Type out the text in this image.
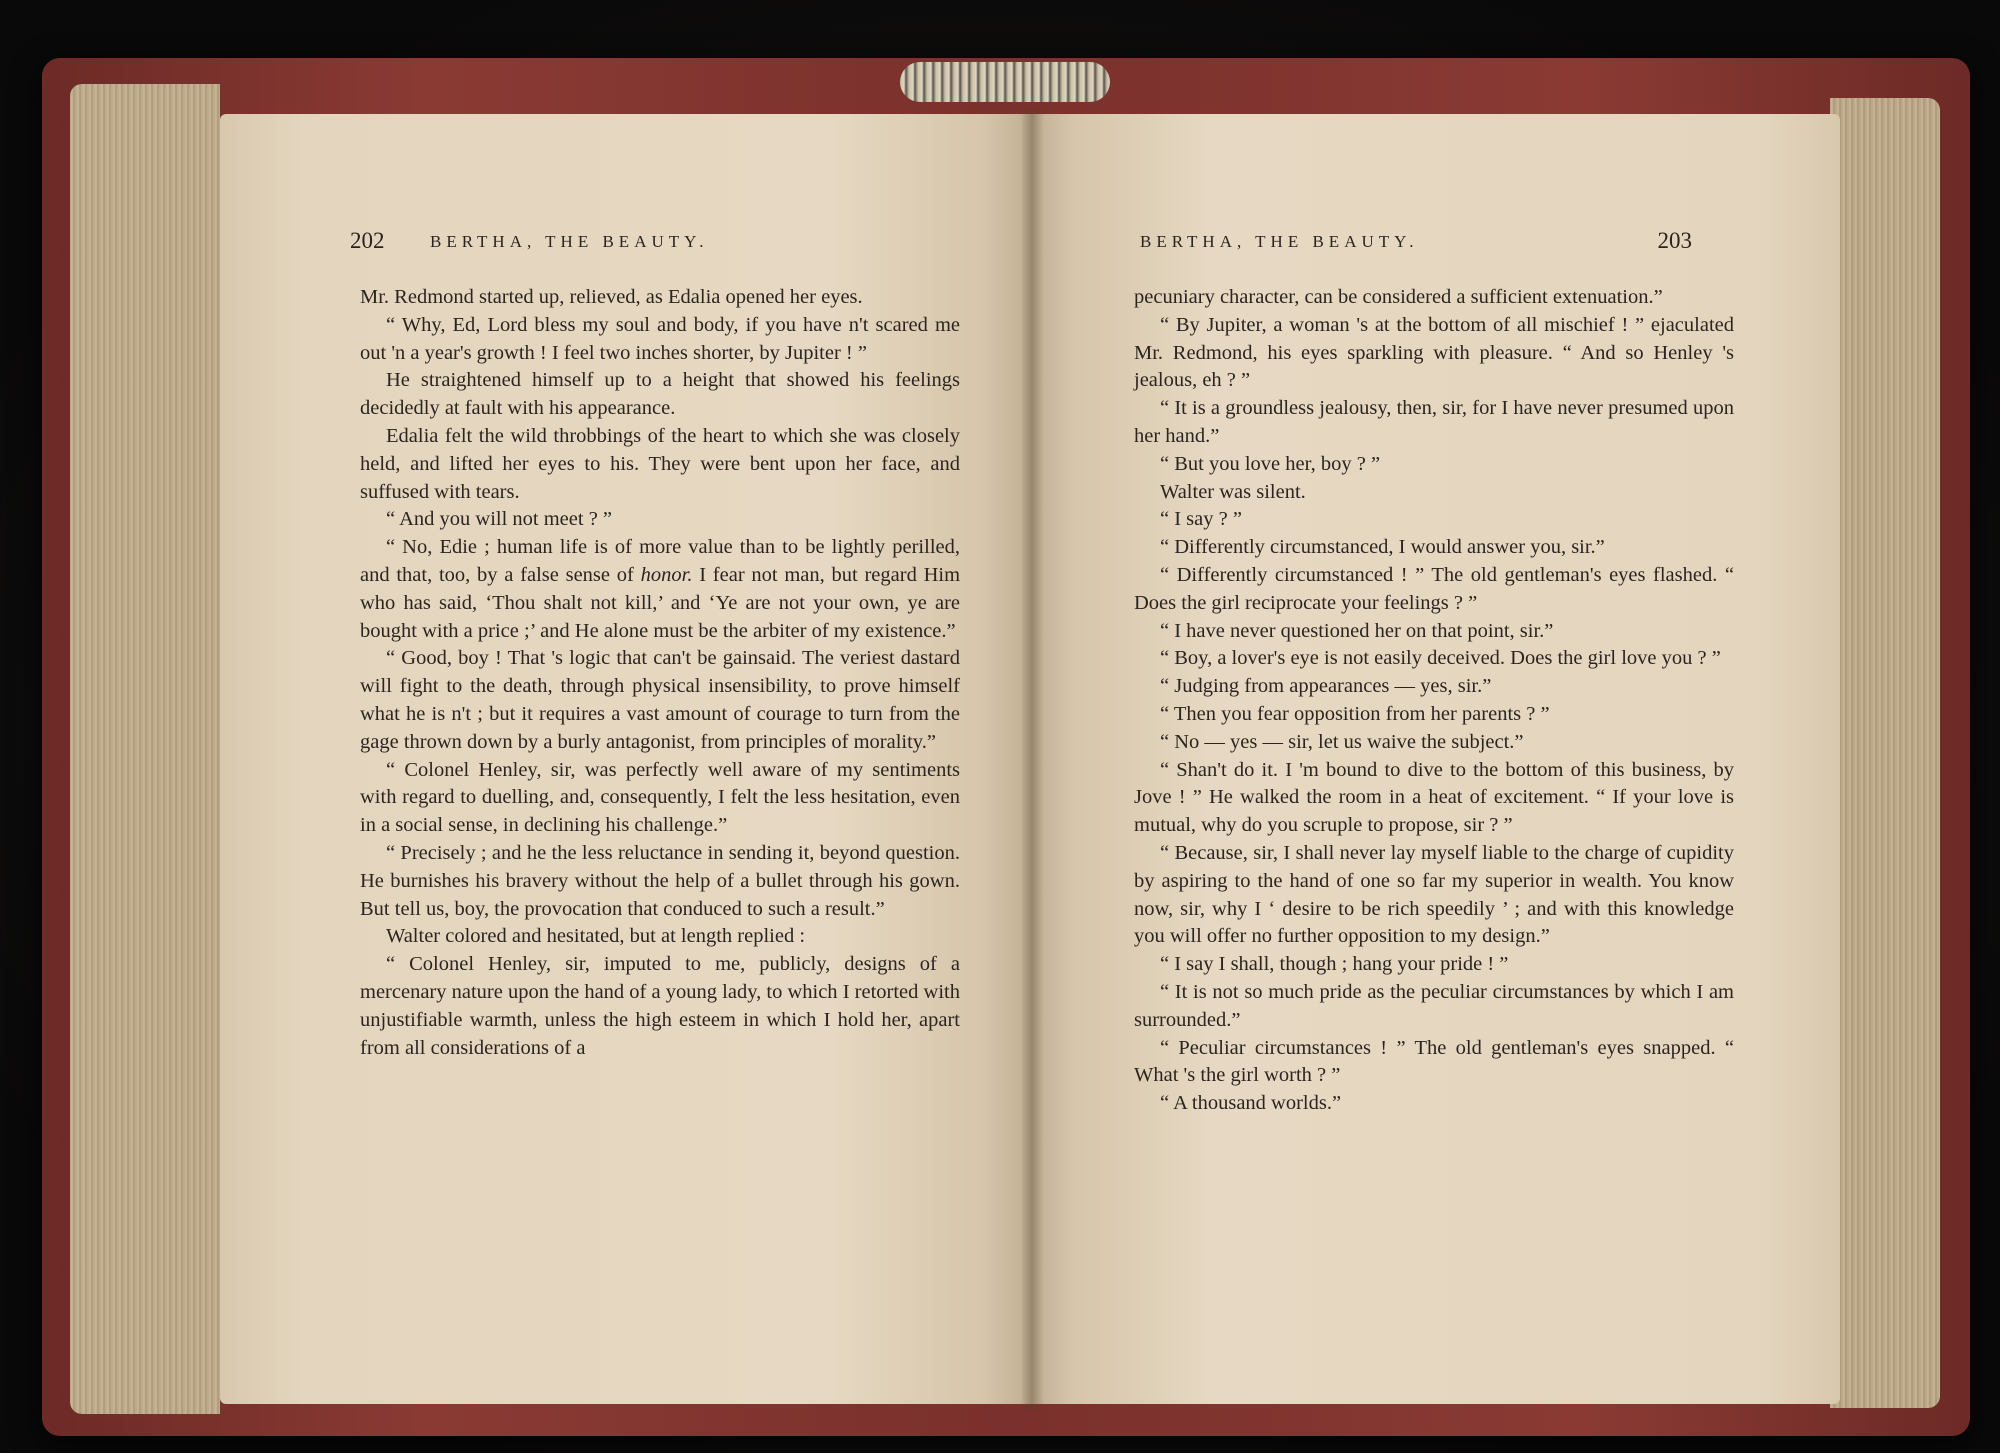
202	BERTHA, THE BEAUTY.

Mr. Redmond started up, relieved, as Edalia opened her eyes.

“ Why, Ed, Lord bless my soul and body, if you have n't scared me out 'n a year's growth ! I feel two inches shorter, by Jupiter ! ”

He straightened himself up to a height that showed his feelings decidedly at fault with his appearance.

Edalia felt the wild throbbings of the heart to which she was closely held, and lifted her eyes to his. They were bent upon her face, and suffused with tears.

“ And you will not meet ? ”

“ No, Edie ; human life is of more value than to be lightly perilled, and that, too, by a false sense of honor. I fear not man, but regard Him who has said, ‘Thou shalt not kill,’ and ‘Ye are not your own, ye are bought with a price ;’ and He alone must be the arbiter of my existence.”

“ Good, boy ! That 's logic that can't be gainsaid. The veriest dastard will fight to the death, through physical insensibility, to prove himself what he is n't ; but it requires a vast amount of courage to turn from the gage thrown down by a burly antagonist, from principles of morality.”

“ Colonel Henley, sir, was perfectly well aware of my sentiments with regard to duelling, and, consequently, I felt the less hesitation, even in a social sense, in declining his challenge.”

“ Precisely ; and he the less reluctance in sending it, beyond question. He burnishes his bravery without the help of a bullet through his gown. But tell us, boy, the provocation that conduced to such a result.”

Walter colored and hesitated, but at length replied :

“ Colonel Henley, sir, imputed to me, publicly, designs of a mercenary nature upon the hand of a young lady, to which I retorted with unjustifiable warmth, unless the high esteem in which I hold her, apart from all considerations of a

BERTHA, THE BEAUTY.	203

pecuniary character, can be considered a sufficient extenuation.”

“ By Jupiter, a woman 's at the bottom of all mischief ! ” ejaculated Mr. Redmond, his eyes sparkling with pleasure. “ And so Henley 's jealous, eh ? ”

“ It is a groundless jealousy, then, sir, for I have never presumed upon her hand.”

“ But you love her, boy ? ”

Walter was silent.

“ I say ? ”

“ Differently circumstanced, I would answer you, sir.”

“ Differently circumstanced ! ” The old gentleman's eyes flashed. “ Does the girl reciprocate your feelings ? ”

“ I have never questioned her on that point, sir.”

“ Boy, a lover's eye is not easily deceived. Does the girl love you ? ”

“ Judging from appearances — yes, sir.”

“ Then you fear opposition from her parents ? ”

“ No — yes — sir, let us waive the subject.”

“ Shan't do it. I 'm bound to dive to the bottom of this business, by Jove ! ” He walked the room in a heat of excitement. “ If your love is mutual, why do you scruple to propose, sir ? ”

“ Because, sir, I shall never lay myself liable to the charge of cupidity by aspiring to the hand of one so far my superior in wealth. You know now, sir, why I ‘ desire to be rich speedily ’ ; and with this knowledge you will offer no further opposition to my design.”

“ I say I shall, though ; hang your pride ! ”

“ It is not so much pride as the peculiar circumstances by which I am surrounded.”

“ Peculiar circumstances ! ” The old gentleman's eyes snapped. “ What 's the girl worth ? ”

“ A thousand worlds.”
